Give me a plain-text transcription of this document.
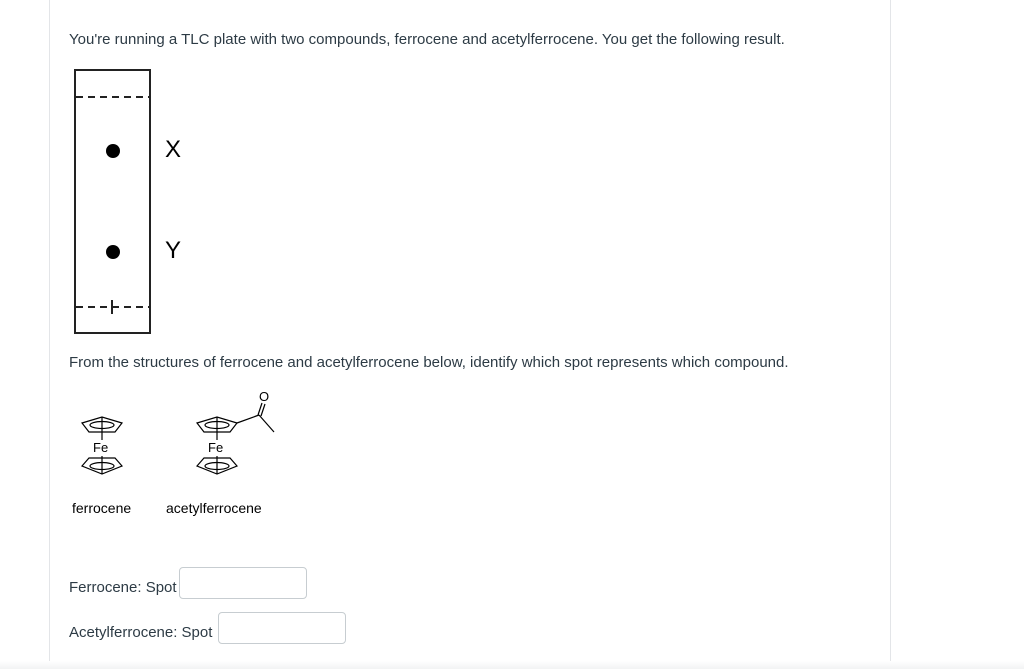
You're running a TLC plate with two compounds, ferrocene and acetylferrocene. You get the following result.
X
Y
From the structures of ferrocene and acetylferrocene below, identify which spot represents which compound.
Fe	Fe
O
ferrocene acetylferrocene
Ferrocene: Spot
Acetylferrocene: Spot
